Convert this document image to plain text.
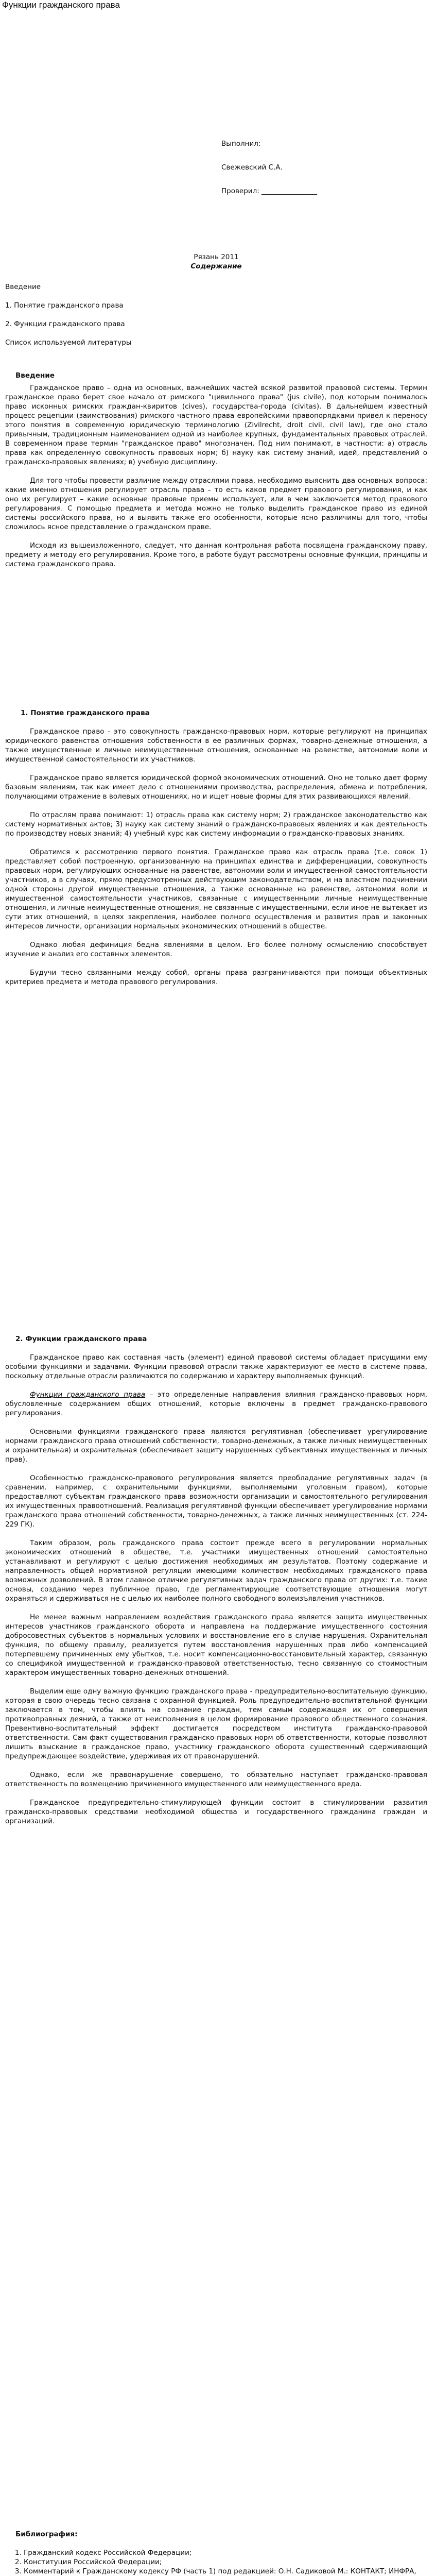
Функции гражданского права
Выполнил:
Свежевский С.А.
Проверил: ________________
Рязань 2011
Содержание
Введение
1. Понятие гражданского права
2. Функции гражданского права
Список используемой литературы
Введение

Гражданское право – одна из основных, важнейших частей всякой развитой правовой системы. Термин гражданское право берет свое начало от римского "цивильного права" (jus civile), под которым понималось право исконных римских граждан-квиритов (cives), государства-города (civitas). В дальнейшем известный процесс рецепции (заимствования) римского частного права европейскими правопорядками привел к переносу этого понятия в современную юридическую терминологию (Zivilrecht, droit civil, civil law), где оно стало привычным, традиционным наименованием одной из наиболее крупных, фундаментальных правовых отраслей. В современном праве термин "гражданское право" многозначен. Под ним понимают, в частности: а) отрасль права как определенную совокупность правовых норм; б) науку как систему знаний, идей, представлений о гражданско-правовых явлениях; в) учебную дисциплину.

Для того чтобы провести различие между отраслями права, необходимо выяснить два основных вопроса: какие именно отношения регулирует отрасль права – то есть каков предмет правового регулирования, и как оно их регулирует – какие основные правовые приемы использует, или в чем заключается метод правового регулирования. С помощью предмета и метода можно не только выделить гражданское право из единой системы российского права, но и выявить также его особенности, которые ясно различимы для того, чтобы сложилось ясное представление о гражданском праве.

Исходя из вышеизложенного, следует, что данная контрольная работа посвящена гражданскому праву, предмету и методу его регулирования. Кроме того, в работе будут рассмотрены основные функции, принципы и система гражданского права.

1. Понятие гражданского права

Гражданское право - это совокупность гражданско-правовых норм, которые регулируют на принципах юридического равенства отношения собственности в ее различных формах, товарно-денежные отношения, а также имущественные и личные неимущественные отношения, основанные на равенстве, автономии воли и имущественной самостоятельности их участников.

Гражданское право является юридической формой экономических отношений. Оно не только дает форму базовым явлениям, так как имеет дело с отношениями производства, распределения, обмена и потребления, получающими отражение в волевых отношениях, но и ищет новые формы для этих развивающихся явлений.

По отраслям права понимают: 1) отрасль права как систему норм; 2) гражданское законодательство как систему нормативных актов; 3) науку как систему знаний о гражданско-правовых явлениях и как деятельность по производству новых знаний; 4) учебный курс как систему информации о гражданско-правовых знаниях.

Обратимся к рассмотрению первого понятия. Гражданское право как отрасль права (т.е. совок 1) представляет собой построенную, организованную на принципах единства и дифференциации, совокупность правовых норм, регулирующих основанные на равенстве, автономии воли и имущественной самостоятельности участников, а в случаях, прямо предусмотренных действующим законодательством, и на властном подчинении одной стороны другой имущественные отношения, а также основанные на равенстве, автономии воли и имущественной самостоятельности участников, связанные с имущественными личные неимущественные отношения, и личные неимущественные отношения, не связанные с имущественными, если иное не вытекает из сути этих отношений, в целях закрепления, наиболее полного осуществления и развития прав и законных интересов личности, организации нормальных экономических отношений в обществе.

Однако любая дефиниция бедна явлениями в целом. Его более полному осмыслению способствует изучение и анализ его составных элементов.

Будучи тесно связанными между собой, органы права разграничиваются при помощи объективных критериев предмета и метода правового регулирования.

2. Функции гражданского права

Гражданское право как составная часть (элемент) единой правовой системы обладает присущими ему особыми функциями и задачами. Функции правовой отрасли также характеризуют ее место в системе права, поскольку отдельные отрасли различаются по содержанию и характеру выполняемых функций.

Функции гражданского права – это определенные направления влияния гражданско-правовых норм, обусловленные содержанием общих отношений, которые включены в предмет гражданско-правового регулирования.

Основными функциями гражданского права являются регулятивная (обеспечивает урегулирование нормами гражданского права отношений собственности, товарно-денежных, а также личных неимущественных и охранительная) и охранительная (обеспечивает защиту нарушенных субъективных имущественных и личных прав).

Особенностью гражданско-правового регулирования является преобладание регулятивных задач (в сравнении, например, с охранительными функциями, выполняемыми уголовным правом), которые предоставляют субъектам гражданского права возможности организации и самостоятельного регулирования их имущественных правоотношений. Реализация регулятивной функции обеспечивает урегулирование нормами гражданского права отношений собственности, товарно-денежных, а также личных неимущественных (ст. 224-229 ГК).

Таким образом, роль гражданского права состоит прежде всего в регулировании нормальных экономических отношений в обществе, т.е. участники имущественных отношений самостоятельно устанавливают и регулируют с целью достижения необходимых им результатов. Поэтому содержание и направленность общей нормативной регуляции имеющими количеством необходимых гражданского права возможных дозволений. В этом главное отличие регулятивных задач гражданского права от других: т.е. такие основы, созданию через публичное право, где регламентирующие соответствующие отношения могут охраняться и сдерживаться не с целью их наиболее полного свободного волеизъявления участников.

Не менее важным направлением воздействия гражданского права является защита имущественных интересов участников гражданского оборота и направлена на поддержание имущественного состояния добросовестных субъектов в нормальных условиях и восстановление его в случае нарушения. Охранительная функция, по общему правилу, реализуется путем восстановления нарушенных прав либо компенсацией потерпевшему причиненных ему убытков, т.е. носит компенсационно-восстановительный характер, связанную со спецификой имущественной и гражданско-правовой ответственностью, тесно связанную со стоимостным характером имущественных товарно-денежных отношений.

Выделим еще одну важную функцию гражданского права - предупредительно-воспитательную функцию, которая в свою очередь тесно связана с охранной функцией. Роль предупредительно-воспитательной функции заключается в том, чтобы влиять на сознание граждан, тем самым содержащая их от совершения противоправных деяний, а также от неисполнения в целом формирование правового общественного сознания. Превентивно-воспитательный эффект достигается посредством института гражданско-правовой ответственности. Сам факт существования гражданско-правовых норм об ответственности, которые позволяют лишить взыскание в гражданское право, участнику гражданского оборота существенный сдерживающий предупреждающее воздействие, удерживая их от правонарушений.

Однако, если же правонарушение совершено, то обязательно наступает гражданско-правовая ответственность по возмещению причиненного имущественного или неимущественного вреда.

Гражданское предупредительно-стимулирующей функции состоит в стимулировании развития гражданско-правовых средствами необходимой общества и государственного гражданина граждан и организаций.

Библиография:
1. Гражданский кодекс Российской Федерации;
2. Конституция Российской Федерации;
3. Комментарий к Гражданскому кодексу РФ (часть 1) под редакцией: О.Н. Садиковой М.: КОНТАКТ; ИНФРА,
